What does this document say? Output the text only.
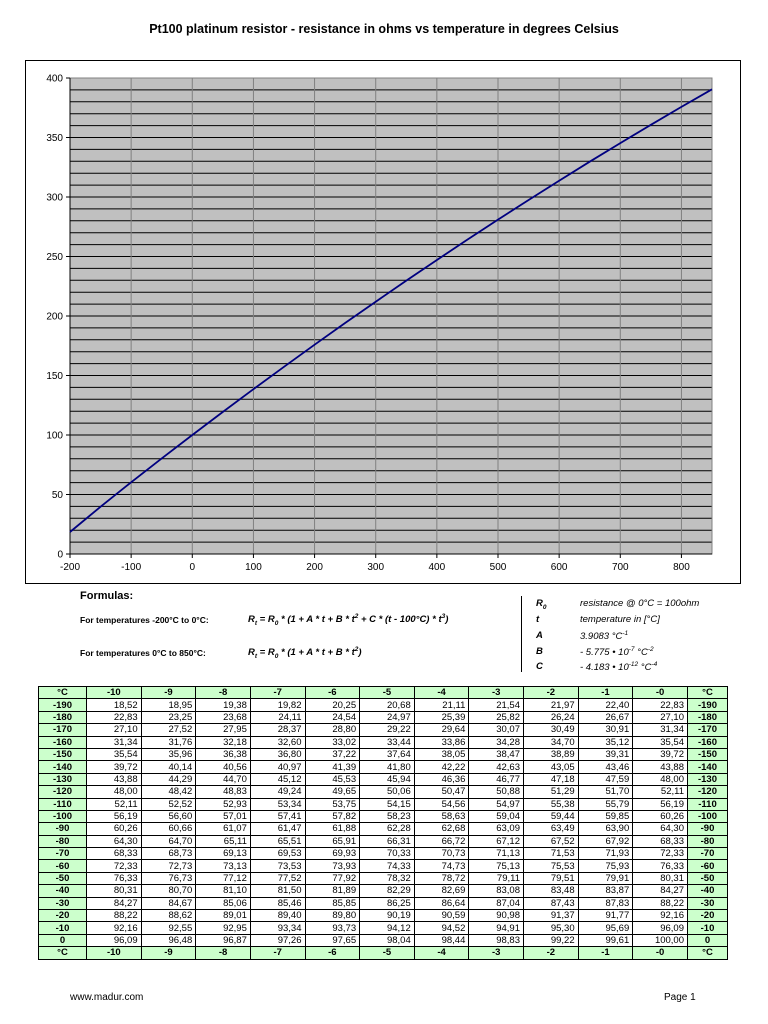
Pt100 platinum resistor - resistance in ohms vs temperature in degrees Celsius
0
50
100
150
200
250
300
350
400
-200	-100	0	100	200	300	400	500	600	700	800
Formulas:
For temperatures -200°C to 0°C:
For temperatures 0°C to 850°C:
$R_t = R_0 * (1 + A * t + B * t^2 + C * (t - 100^\circ C) * t^3)$
$R_t = R_0 * (1 + A * t + B * t^2)$
$R_0$	resistance @ 0°C = 100ohm
t	temperature in [°C]
A	3.9083 $^\circ C^{-1}$
B	- 5.775 • $10^{-7}$ $^\circ C^{-2}$
C	- 4.183 • $10^{-12}$ $^\circ C^{-4}$
°C	-10	-9	-8	-7	-6	-5	-4	-3	-2	-1	-0	°C
-190	18,52	18,95	19,38	19,82	20,25	20,68	21,11	21,54	21,97	22,40	22,83	-190
-180	22,83	23,25	23,68	24,11	24,54	24,97	25,39	25,82	26,24	26,67	27,10	-180
-170	27,10	27,52	27,95	28,37	28,80	29,22	29,64	30,07	30,49	30,91	31,34	-170
-160	31,34	31,76	32,18	32,60	33,02	33,44	33,86	34,28	34,70	35,12	35,54	-160
-150	35,54	35,96	36,38	36,80	37,22	37,64	38,05	38,47	38,89	39,31	39,72	-150
-140	39,72	40,14	40,56	40,97	41,39	41,80	42,22	42,63	43,05	43,46	43,88	-140
-130	43,88	44,29	44,70	45,12	45,53	45,94	46,36	46,77	47,18	47,59	48,00	-130
-120	48,00	48,42	48,83	49,24	49,65	50,06	50,47	50,88	51,29	51,70	52,11	-120
-110	52,11	52,52	52,93	53,34	53,75	54,15	54,56	54,97	55,38	55,79	56,19	-110
-100	56,19	56,60	57,01	57,41	57,82	58,23	58,63	59,04	59,44	59,85	60,26	-100
-90	60,26	60,66	61,07	61,47	61,88	62,28	62,68	63,09	63,49	63,90	64,30	-90
-80	64,30	64,70	65,11	65,51	65,91	66,31	66,72	67,12	67,52	67,92	68,33	-80
-70	68,33	68,73	69,13	69,53	69,93	70,33	70,73	71,13	71,53	71,93	72,33	-70
-60	72,33	72,73	73,13	73,53	73,93	74,33	74,73	75,13	75,53	75,93	76,33	-60
-50	76,33	76,73	77,12	77,52	77,92	78,32	78,72	79,11	79,51	79,91	80,31	-50
-40	80,31	80,70	81,10	81,50	81,89	82,29	82,69	83,08	83,48	83,87	84,27	-40
-30	84,27	84,67	85,06	85,46	85,85	86,25	86,64	87,04	87,43	87,83	88,22	-30
-20	88,22	88,62	89,01	89,40	89,80	90,19	90,59	90,98	91,37	91,77	92,16	-20
-10	92,16	92,55	92,95	93,34	93,73	94,12	94,52	94,91	95,30	95,69	96,09	-10
0	96,09	96,48	96,87	97,26	97,65	98,04	98,44	98,83	99,22	99,61	100,00	0
°C	-10	-9	-8	-7	-6	-5	-4	-3	-2	-1	-0	°C
www.madur.com	Page 1
